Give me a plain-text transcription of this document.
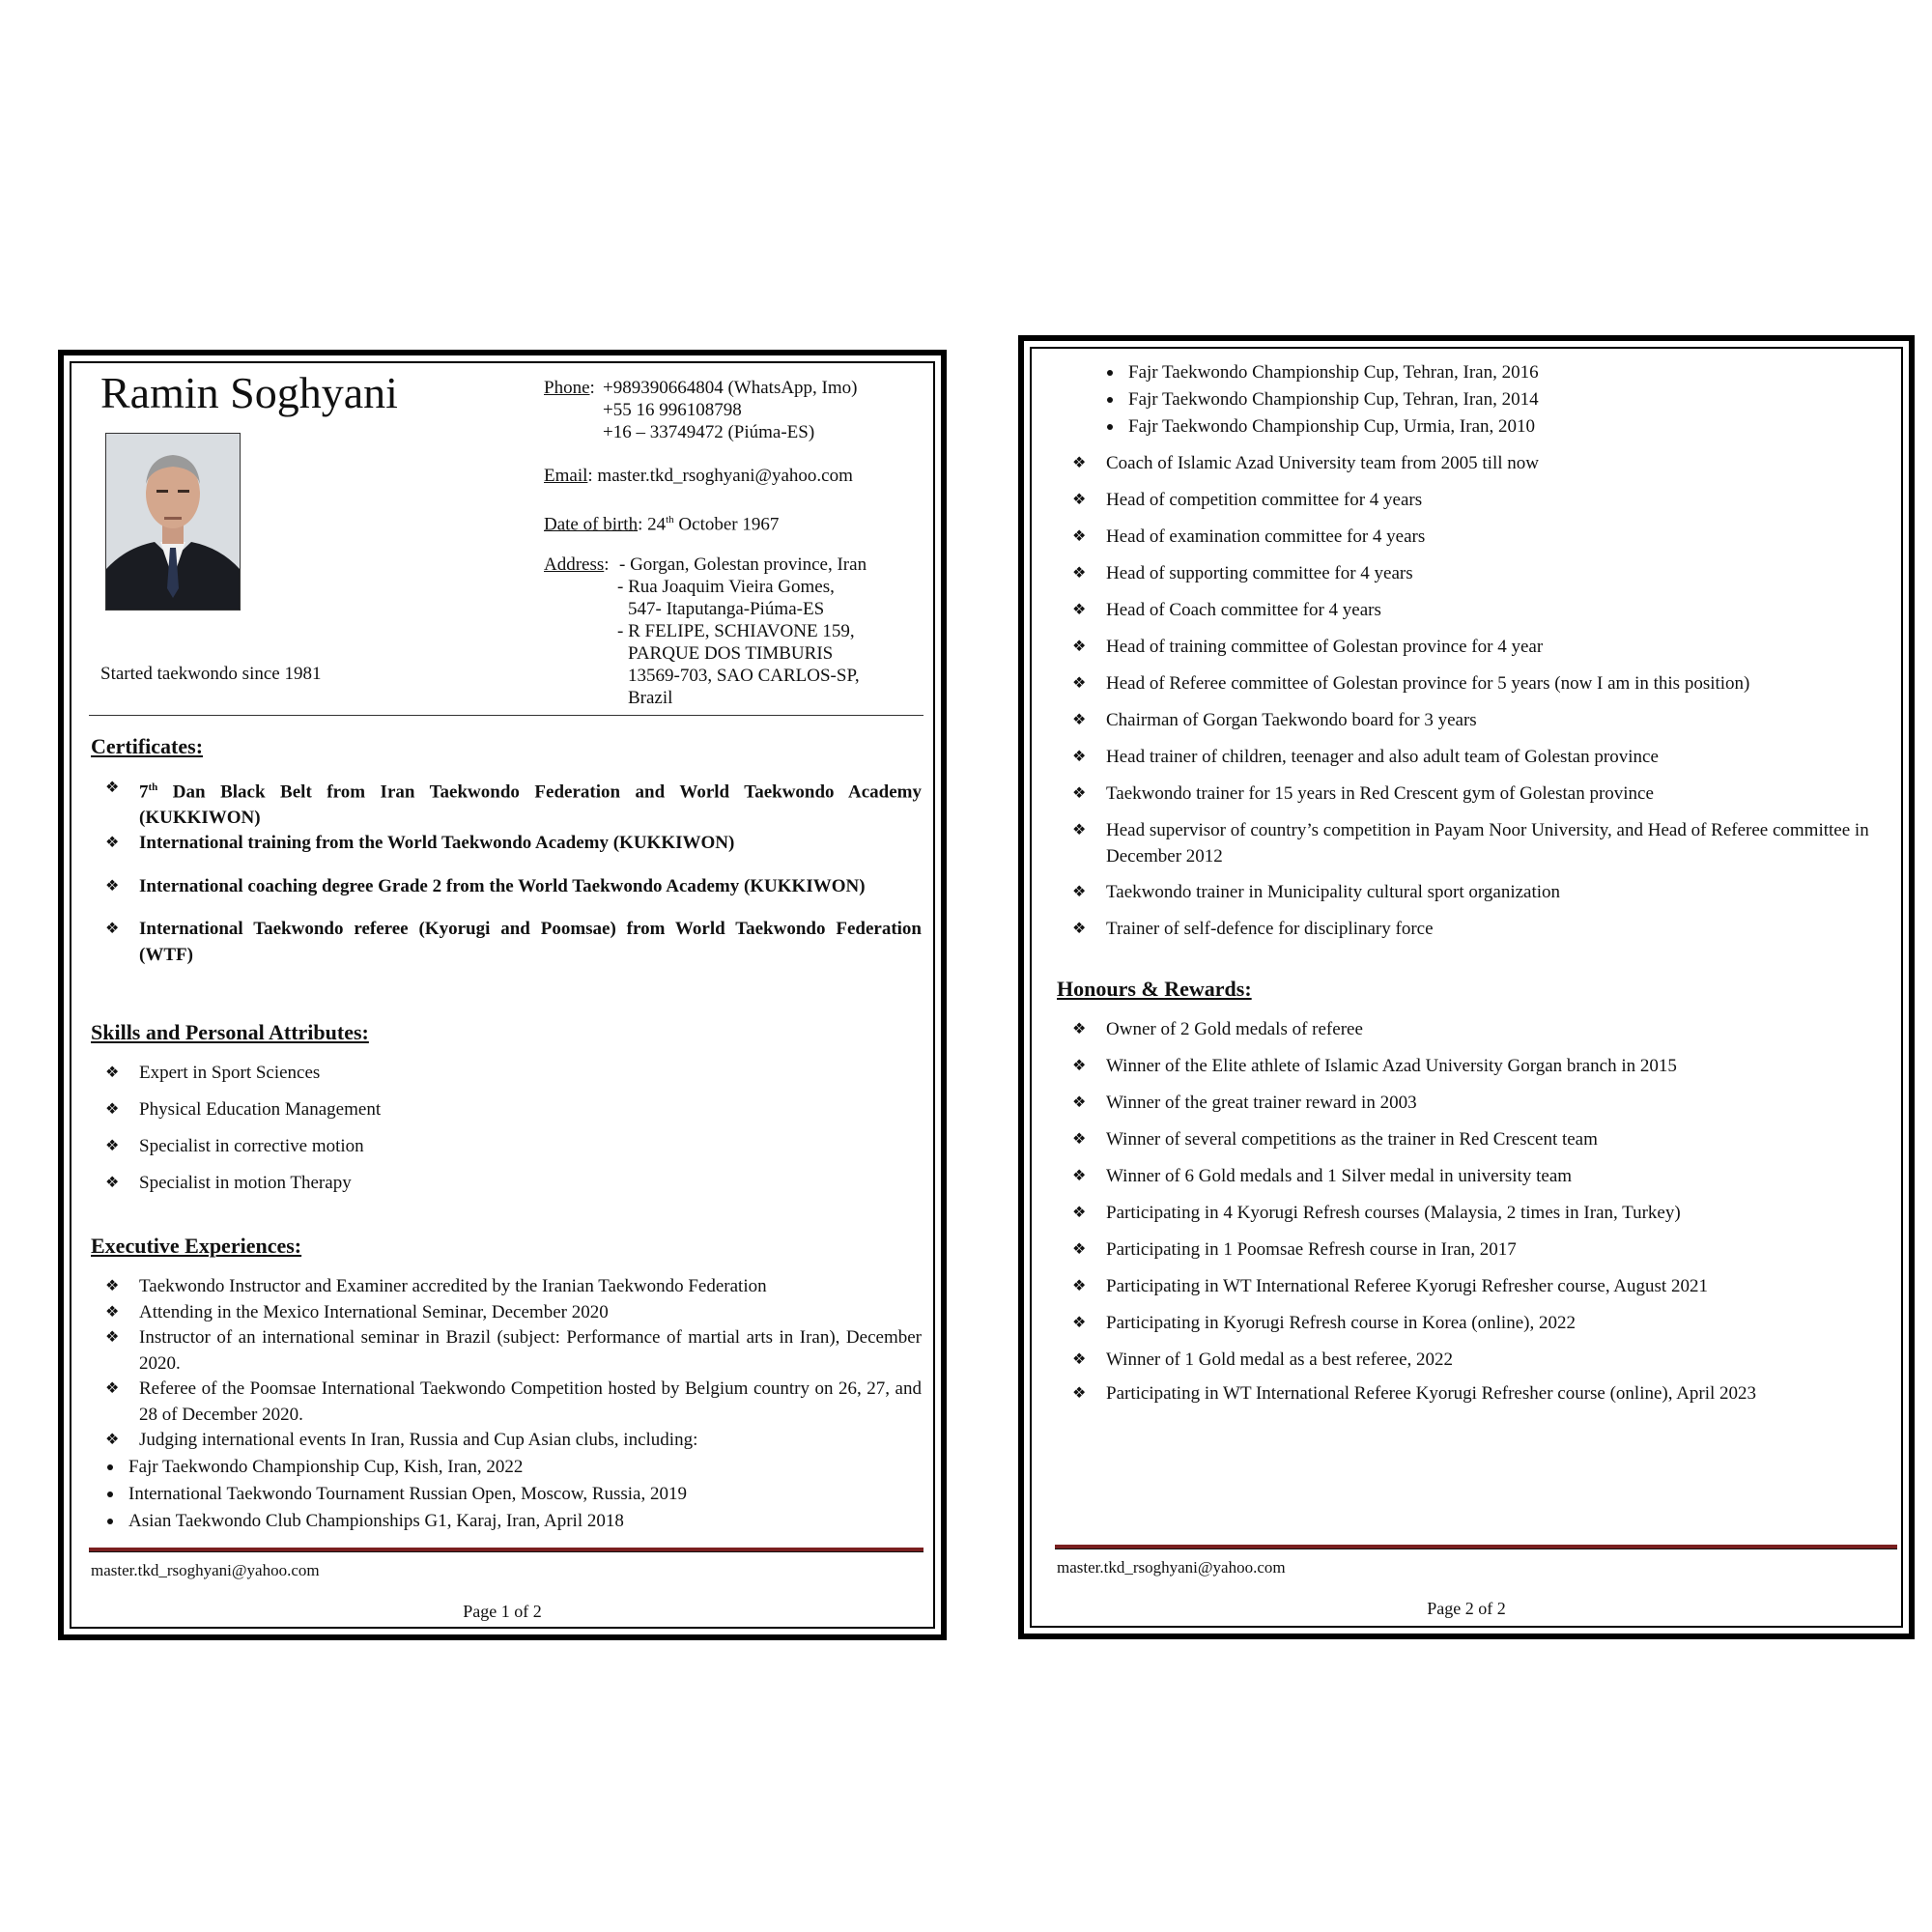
Ramin Soghyani
Started taekwondo since 1981
Phone: +989390664804 (WhatsApp, Imo)
+55 16 996108798
+16 – 33749472 (Piúma-ES)
Email: master.tkd_rsoghyani@yahoo.com
Date of birth: 24th October 1967
Address: - Gorgan, Golestan province, Iran
- Rua Joaquim Vieira Gomes,
547- Itaputanga-Piúma-ES
- R FELIPE, SCHIAVONE 159,
PARQUE DOS TIMBURIS
13569-703, SAO CARLOS-SP,
Brazil
Certificates:
❖ 7th Dan Black Belt from Iran Taekwondo Federation and World Taekwondo Academy (KUKKIWON)
❖ International training from the World Taekwondo Academy (KUKKIWON)
❖ International coaching degree Grade 2 from the World Taekwondo Academy (KUKKIWON)
❖ International Taekwondo referee (Kyorugi and Poomsae) from World Taekwondo Federation (WTF)
Skills and Personal Attributes:
❖ Expert in Sport Sciences
❖ Physical Education Management
❖ Specialist in corrective motion
❖ Specialist in motion Therapy
Executive Experiences:
❖ Taekwondo Instructor and Examiner accredited by the Iranian Taekwondo Federation
❖ Attending in the Mexico International Seminar, December 2020
❖ Instructor of an international seminar in Brazil (subject: Performance of martial arts in Iran), December 2020.
❖ Referee of the Poomsae International Taekwondo Competition hosted by Belgium country on 26, 27, and 28 of December 2020.
❖ Judging international events In Iran, Russia and Cup Asian clubs, including:
Fajr Taekwondo Championship Cup, Kish, Iran, 2022
International Taekwondo Tournament Russian Open, Moscow, Russia, 2019
Asian Taekwondo Club Championships G1, Karaj, Iran, April 2018
master.tkd_rsoghyani@yahoo.com
Page 1 of 2
Fajr Taekwondo Championship Cup, Tehran, Iran, 2016
Fajr Taekwondo Championship Cup, Tehran, Iran, 2014
Fajr Taekwondo Championship Cup, Urmia, Iran, 2010
❖ Coach of Islamic Azad University team from 2005 till now
❖ Head of competition committee for 4 years
❖ Head of examination committee for 4 years
❖ Head of supporting committee for 4 years
❖ Head of Coach committee for 4 years
❖ Head of training committee of Golestan province for 4 year
❖ Head of Referee committee of Golestan province for 5 years (now I am in this position)
❖ Chairman of Gorgan Taekwondo board for 3 years
❖ Head trainer of children, teenager and also adult team of Golestan province
❖ Taekwondo trainer for 15 years in Red Crescent gym of Golestan province
❖ Head supervisor of country’s competition in Payam Noor University, and Head of Referee committee in December 2012
❖ Taekwondo trainer in Municipality cultural sport organization
❖ Trainer of self-defence for disciplinary force
Honours & Rewards:
❖ Owner of 2 Gold medals of referee
❖ Winner of the Elite athlete of Islamic Azad University Gorgan branch in 2015
❖ Winner of the great trainer reward in 2003
❖ Winner of several competitions as the trainer in Red Crescent team
❖ Winner of 6 Gold medals and 1 Silver medal in university team
❖ Participating in 4 Kyorugi Refresh courses (Malaysia, 2 times in Iran, Turkey)
❖ Participating in 1 Poomsae Refresh course in Iran, 2017
❖ Participating in WT International Referee Kyorugi Refresher course, August 2021
❖ Participating in Kyorugi Refresh course in Korea (online), 2022
❖ Winner of 1 Gold medal as a best referee, 2022
❖ Participating in WT International Referee Kyorugi Refresher course (online), April 2023
master.tkd_rsoghyani@yahoo.com
Page 2 of 2
